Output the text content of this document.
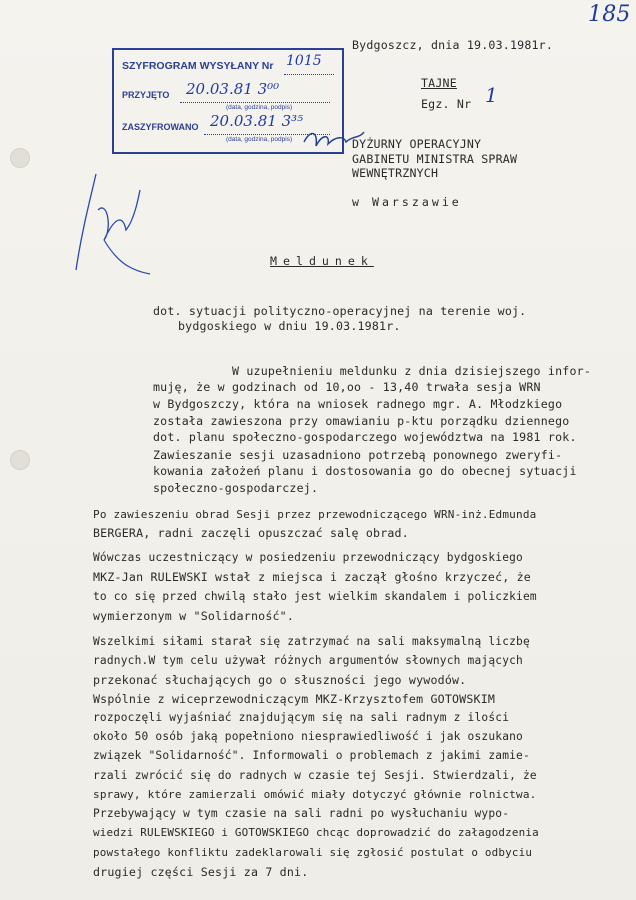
185
Bydgoszcz, dnia 19.03.1981r.
TAJNE
Egz. Nr 1
SZYFROGRAM WYSYŁANY Nr 1015
PRZYJĘTO 20.03.81 3⁰⁰
(data, godzina, podpis)
ZASZYFROWANO 20.03.81 3³⁵
(data, godzina, podpis)	DYŻURNY OPERACYJNY
GABINETU MINISTRA SPRAW
WEWNĘTRZNYCH
w Warszawie
Meldunek
dot. sytuacji polityczno-operacyjnej na terenie woj.
bydgoskiego w dniu 19.03.1981r.
W uzupełnieniu meldunku z dnia dzisiejszego infor-
muję, że w godzinach od 10,oo - 13,40 trwała sesja WRN
w Bydgoszczy, która na wniosek radnego mgr. A. Młodzkiego
została zawieszona przy omawianiu p-ktu porządku dziennego
dot. planu społeczno-gospodarczego województwa na 1981 rok.
Zawieszanie sesji uzasadniono potrzebą ponownego zweryfi-
kowania założeń planu i dostosowania go do obecnej sytuacji
społeczno-gospodarczej.
Po zawieszeniu obrad Sesji przez przewodniczącego WRN-inż.Edmunda
BERGERA, radni zaczęli opuszczać salę obrad.
Wówczas uczestniczący w posiedzeniu przewodniczący bydgoskiego
MKZ-Jan RULEWSKI wstał z miejsca i zaczął głośno krzyczeć, że
to co się przed chwilą stało jest wielkim skandalem i policzkiem
wymierzonym w "Solidarność".
Wszelkimi siłami starał się zatrzymać na sali maksymalną liczbę
radnych.W tym celu używał różnych argumentów słownych mających
przekonać słuchających go o słuszności jego wywodów.
Wspólnie z wiceprzewodniczącym MKZ-Krzysztofem GOTOWSKIM
rozpoczęli wyjaśniać znajdującym się na sali radnym z ilości
około 50 osób jaką popełniono niesprawiedliwość i jak oszukano
związek "Solidarność". Informowali o problemach z jakimi zamie-
rzali zwrócić się do radnych w czasie tej Sesji. Stwierdzali, że
sprawy, które zamierzali omówić miały dotyczyć głównie rolnictwa.
Przebywający w tym czasie na sali radni po wysłuchaniu wypo-
wiedzi RULEWSKIEGO i GOTOWSKIEGO chcąc doprowadzić do załagodzenia
powstałego konfliktu zadeklarowali się zgłosić postulat o odbyciu
drugiej części Sesji za 7 dni.
